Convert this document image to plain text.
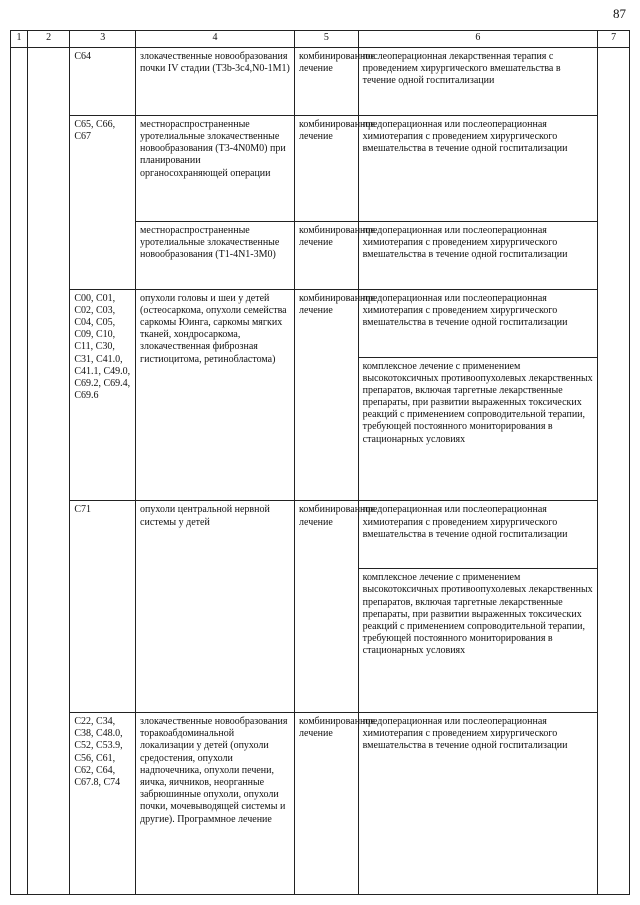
87
1	2	3	4	5	6	7
		C64	злокачественные новообразования почки IV стадии (T3b-3c4,N0-1M1)	комбинированное лечение	послеоперационная лекарственная терапия с проведением хирургического вмешательства в течение одной госпитализации	
		C65, C66, C67	местнораспространенные уротелиальные злокачественные новообразования (T3-4N0M0) при планировании органосохраняющей операции	комбинированное лечение	предоперационная или послеоперационная химиотерапия с проведением хирургического вмешательства в течение одной госпитализации	
			местнораспространенные уротелиальные злокачественные новообразования (T1-4N1-3M0)	комбинированное лечение	предоперационная или послеоперационная химиотерапия с проведением хирургического вмешательства в течение одной госпитализации	
		C00, C01, C02, C03, C04, C05, C09, C10, C11, C30, C31, C41.0, C41.1, C49.0, C69.2, C69.4, C69.6	опухоли головы и шеи у детей (остеосаркома, опухоли семейства саркомы Юинга, саркомы мягких тканей, хондросаркома, злокачественная фиброзная гистиоцитома, ретинобластома)	комбинированное лечение	предоперационная или послеоперационная химиотерапия с проведением хирургического вмешательства в течение одной госпитализации	
					комплексное лечение с применением высокотоксичных противоопухолевых лекарственных препаратов, включая таргетные лекарственные препараты, при развитии выраженных токсических реакций с применением сопроводительной терапии, требующей постоянного мониторирования в стационарных условиях	
		C71	опухоли центральной нервной системы у детей	комбинированное лечение	предоперационная или послеоперационная химиотерапия с проведением хирургического вмешательства в течение одной госпитализации	
					комплексное лечение с применением высокотоксичных противоопухолевых лекарственных препаратов, включая таргетные лекарственные препараты, при развитии выраженных токсических реакций с применением сопроводительной терапии, требующей постоянного мониторирования в стационарных условиях	
		C22, C34, C38, C48.0, C52, C53.9, C56, C61, C62, C64, C67.8, C74	злокачественные новообразования торакоабдоминальной локализации у детей (опухоли средостения, опухоли надпочечника, опухоли печени, яичка, яичников, неорганные забрюшинные опухоли, опухоли почки, мочевыводящей системы и другие). Программное лечение	комбинированное лечение	предоперационная или послеоперационная химиотерапия с проведением хирургического вмешательства в течение одной госпитализации	
